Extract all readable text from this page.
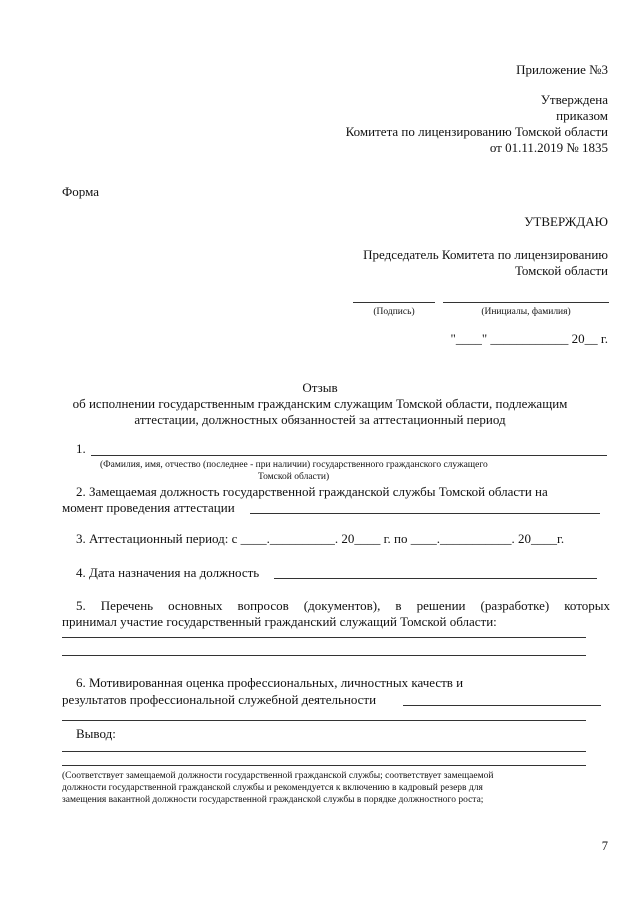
Приложение №3
Утверждена
приказом
Комитета по лицензированию Томской области
от 01.11.2019 № 1835
Форма
УТВЕРЖДАЮ
Председатель Комитета по лицензированию
Томской области
(Подпись)	(Инициалы, фамилия)
"____" ____________ 20__ г.
Отзыв
об исполнении государственным гражданским служащим Томской области, подлежащим
аттестации, должностных обязанностей за аттестационный период
1.
(Фамилия, имя, отчество (последнее - при наличии) государственного гражданского служащего
Томской области)
2. Замещаемая должность государственной гражданской службы Томской области на
момент проведения аттестации
3. Аттестационный период: с ____.__________. 20____ г. по ____.___________. 20____г.
4. Дата назначения на должность
5. Перечень основных вопросов (документов), в решении (разработке) которых
принимал участие государственный гражданский служащий Томской области:
6. Мотивированная оценка профессиональных, личностных качеств и
результатов профессиональной служебной деятельности
Вывод:
(Соответствует замещаемой должности государственной гражданской службы; соответствует замещаемой
должности государственной гражданской службы и рекомендуется к включению в кадровый резерв для
замещения вакантной должности государственной гражданской службы в порядке должностного роста;
7
